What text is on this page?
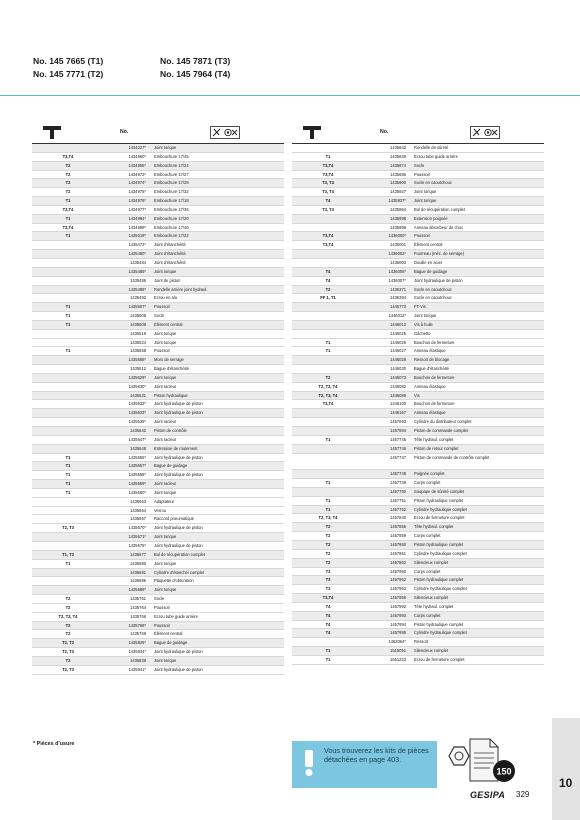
No. 145 7665 (T1)
No. 145 7771 (T2)
No. 145 7871 (T3)
No. 145 7964 (T4)
No.
1434227*	Joint torique
T3,T4	1434860*	Embouchure 17/45
T2	1434955*	Embouchure 17/24
T2	1434973*	Embouchure 17/27
T2	1434974*	Embouchure 17/29
T2	1434975*	Embouchure 17/32
T1	1434976*	Embouchure 17/18
T3,T4	1434977*	Embouchure 17/36
T1	1434994*	Embouchure 17/20
T3,T4	1434999*	Embouchure 17/40
T1	1435018*	Embouchure 17/22
1435472*	Joint d'étanchéité
1435480*	Joint d'étanchéité
1435484	Joint d'étanchéité
1435485*	Joint torique
1435486	Joint de piston
1435488*	Rondelle arrière joint hydraul.
1435492	Ecrou en alu
T1	1435507*	Poussoir
T1	1435508	Socle
T1	1435509	Élément central
1435519	Joint torique
1435524	Joint torique
T1	1435558	Poussoir
1435568*	Mors de serrage
1435612	Bague d'étanchéité
1435629*	Joint torique
1435630*	Joint racleur
1435631	Piston hydraulique
1435632*	Joint hydraulique de piston
1435633*	Joint hydraulique de piston
1435635*	Joint racleur
1435642	Piston de contrôle
1435647*	Joint racleur
1435648	Entretoise de roulement
T1	1435656*	Joint hydraulique de piston
T1	1435657*	Bague de guidage
T1	1435658*	Joint hydraulique de piston
T1	1435659*	Joint racleur
T1	1435660*	Joint torique
1435663	Adaptateur
1435664	Verrou
1435667	Raccord pneumatique
T2, T3	1435670*	Joint hydraulique de piston
1435671*	Joint torique
1435675*	Joint hydraulique de piston
T1, T3	1435677	Bol de récupération complet
T1	1435680	Joint torique
1435681	Cylindre d'étanchéi complet
1435686	Plaquette d'obturation
1435688*	Joint torique
T2	1435761	Socle
T2	1435764	Poussoir
T2, T3, T4	1435766	Ecrou tube guide arrière
T2	1435768*	Poussoir
T2	1435769	Élément central
T2, T3	1435825*	Bague de guidage
T2, T3	1435834*	Joint hydraulique de piston
T2	1435839	Joint torique
T2, T3	1435841*	Joint hydraulique de piston
No.
1435842	Rondelle de sûreté
T1	1435849	Ecrou tube guide arrière
T3,T4	1435874	Socle
T3,T4	1435886	Poussoir
T3, T4	1435900	Socle en caoutchouc
T3, T4	1435927	Joint torique
T4	1435937*	Joint torique
T3, T4	1435964	Bol de récupération complet
1435998	Extension poignée
1435999	Anneau absorbeur de choc
T3,T4	1436000*	Poussoir
T3,T4	1436001	Élément central
1436002*	Fourreau (méc. de serrage)
1436003	Douille en acier
T4	1436006*	Bague de guidage
T4	1436007*	Joint hydraulique de piston
T2	1436371	Socle en caoutchouc
FF 1, T1	1436394	Socle en caoutchouc
1445773	FT-Vis
1446012*	Joint torique
1446013	Vis à huile
1446025	Gâchette
T1	1446026	Bouchon de fermeture
T1	1446027	Anneau élastique
1446028	Ressort de blocage
1446030	Bague d'étanchéité
T2	1446073	Bouchon de fermeture
T2, T3, T4	1446082	Anneau élastique
T2, T3, T4	1446089	Vis
T3,T4	1446100	Bouchon de fermeture
1446167	Anneau élastique
1457693	Cylindre du distributeur complet
1457694	Piston de commande complet
T1	1457745	Tête hydraul. complet
1457746	Piston de retour complet
1457747	Piston de commande de contrôle complet
1457748	Poignée complet
T1	1457749	Corps complet
1457750	Soupape de sûreté complet
T1	1457751	Piston hydraulique complet
T1	1457752	Cylindre hydraulique complet
T2, T3, T4	1457840	Ecrou de fermeture complet
T2	1457856	Tête hydraul. complet
T2	1457859	Corps complet
T2	1457860	Piston hydraulique complet
T2	1457861	Cylindre hydraulique complet
T2	1457862	Silencieux complet
T3	1457950	Corps complet
T3	1457952	Piston hydraulique complet
T3	1457953	Cylindre hydraulique complet
T3,T4	1457956	Silencieux complet
T4	1457992	Tête hydraul. complet
T4	1457993	Corps complet
T4	1457994	Piston hydraulique complet
T4	1457995	Cylindre hydraulique complet
1462064*	Ressort
T1	1515051	Silencieux complet
T1	1651223	Ecrou de fermeture complet
* Pièces d'usure
Vous trouverez les kits de pièces détachées en page 403.
150
10
GESIPA 329
